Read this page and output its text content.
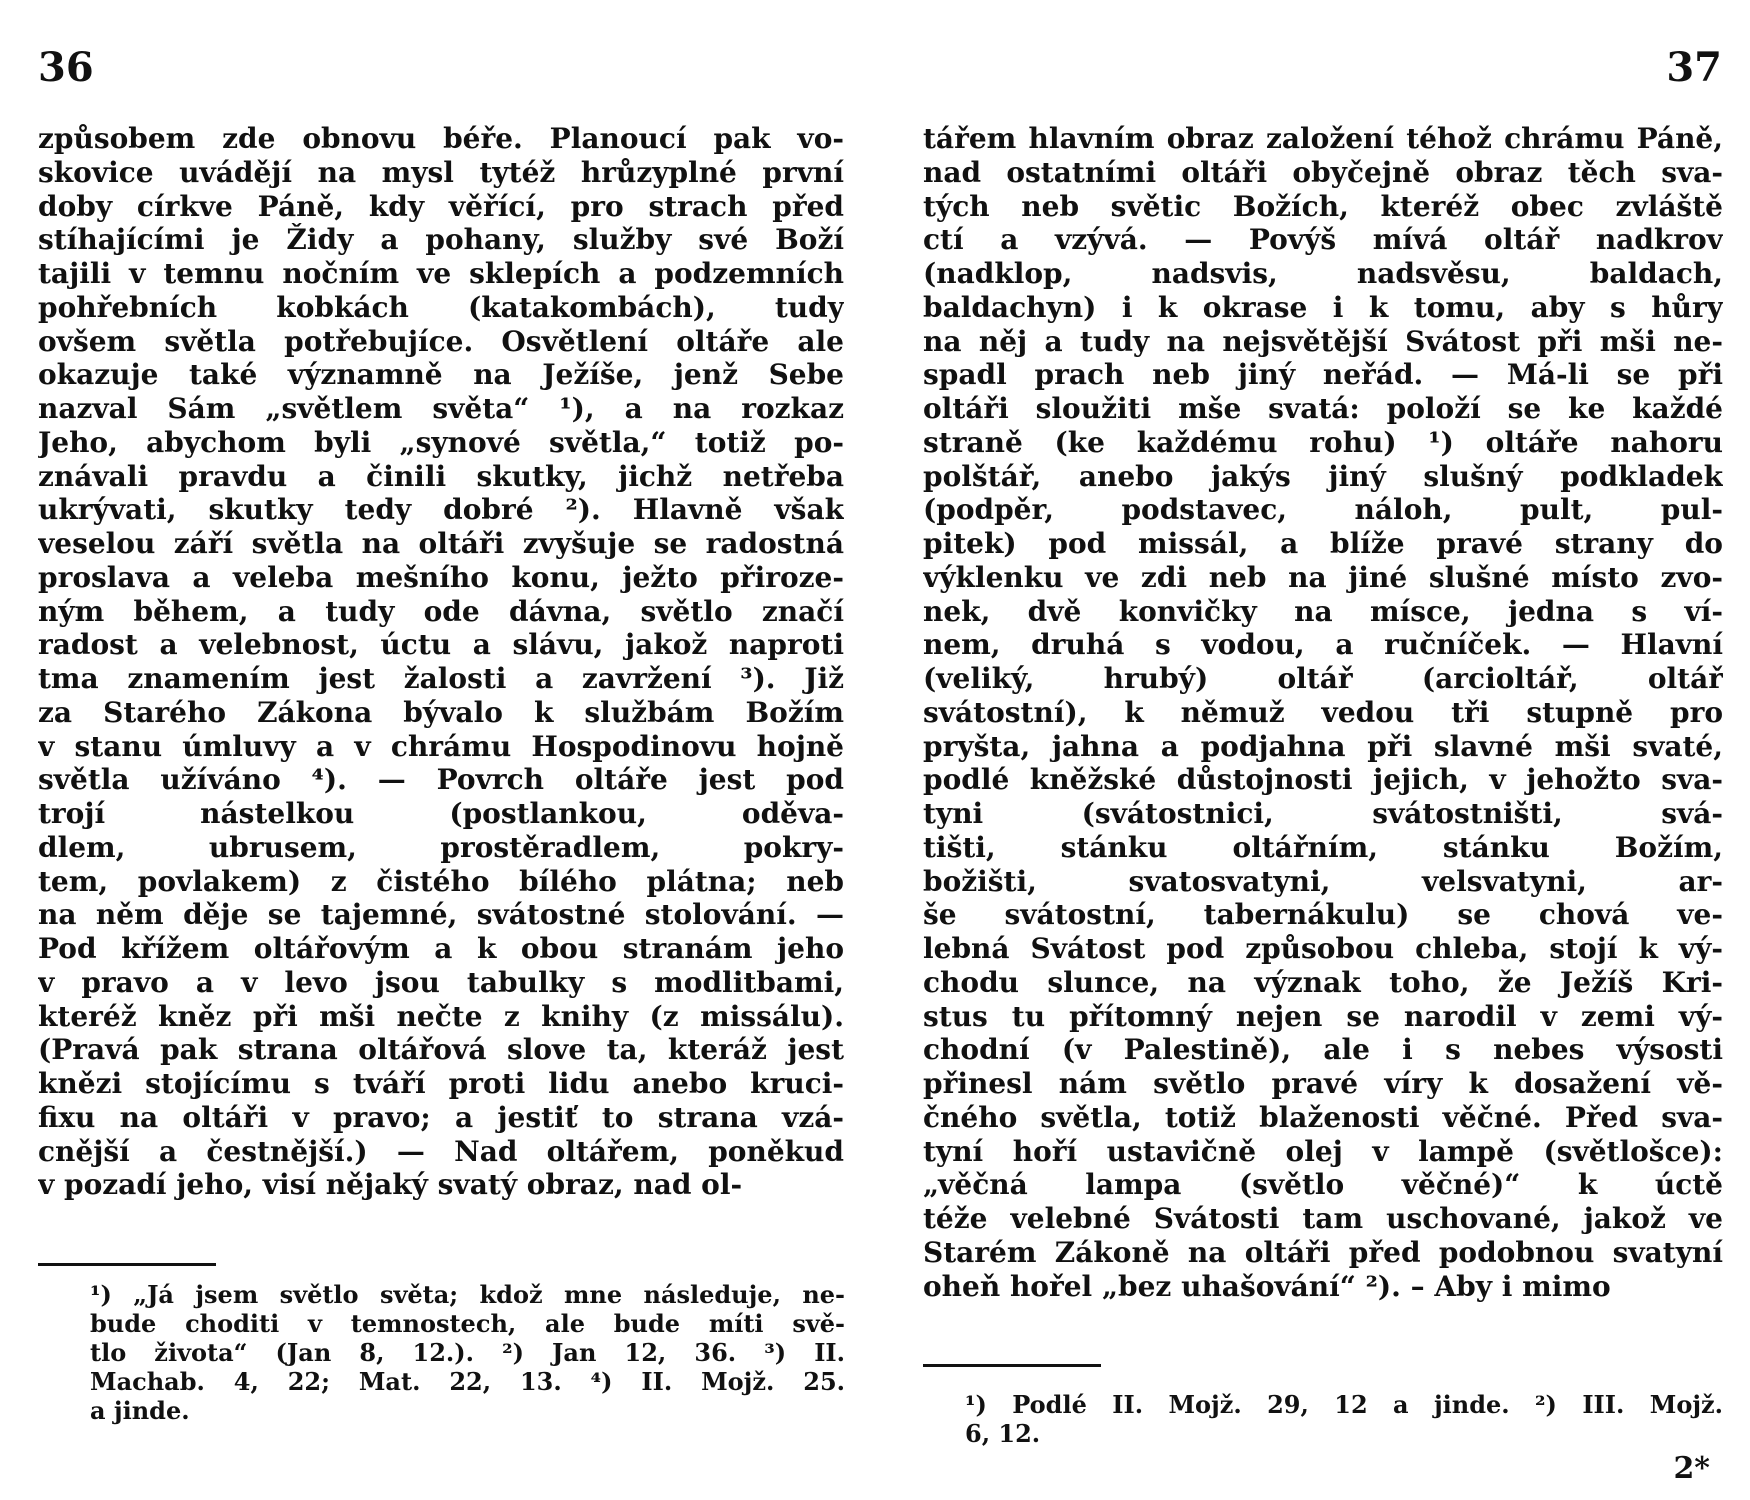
36
způsobem zde obnovu béře. Planoucí pak vo-
skovice uvádějí na mysl tytéž hrůzyplné první
doby církve Páně, kdy věřící, pro strach před
stíhajícími je Židy a pohany, služby své Boží
tajili v temnu nočním ve sklepích a podzemních
pohřebních kobkách (katakombách), tudy
ovšem světla potřebujíce. Osvětlení oltáře ale
okazuje také významně na Ježíše, jenž Sebe
nazval Sám „světlem světa“ ¹), a na rozkaz
Jeho, abychom byli „synové světla,“ totiž po-
znávali pravdu a činili skutky, jichž netřeba
ukrývati, skutky tedy dobré ²). Hlavně však
veselou září světla na oltáři zvyšuje se radostná
proslava a veleba mešního konu, ježto přiroze-
ným během, a tudy ode dávna, světlo značí
radost a velebnost, úctu a slávu, jakož naproti
tma znamením jest žalosti a zavržení ³). Již
za Starého Zákona bývalo k službám Božím
v stanu úmluvy a v chrámu Hospodinovu hojně
světla užíváno ⁴). — Povrch oltáře jest pod
trojí nástelkou (postlankou, oděva-
dlem, ubrusem, prostěradlem, pokry-
tem, povlakem) z čistého bílého plátna; neb
na něm děje se tajemné, svátostné stolování. —
Pod křížem oltářovým a k obou stranám jeho
v pravo a v levo jsou tabulky s modlitbami,
kteréž kněz při mši nečte z knihy (z missálu).
(Pravá pak strana oltářová slove ta, kteráž jest
knězi stojícímu s tváří proti lidu anebo kruci-
fixu na oltáři v pravo; a jestiť to strana vzá-
cnější a čestnější.) — Nad oltářem, poněkud
v pozadí jeho, visí nějaký svatý obraz, nad ol-
¹) „Já jsem světlo světa; kdož mne následuje, ne-
bude choditi v temnostech, ale bude míti svě-
tlo života“ (Jan 8, 12.). ²) Jan 12, 36. ³) II.
Machab. 4, 22; Mat. 22, 13. ⁴) II. Mojž. 25.
a jinde.
37
tářem hlavním obraz založení téhož chrámu Páně,
nad ostatními oltáři obyčejně obraz těch sva-
tých neb světic Božích, kteréž obec zvláště
ctí a vzývá. — Povýš mívá oltář nadkrov
(nadklop, nadsvis, nadsvěsu, baldach,
baldachyn) i k okrase i k tomu, aby s hůry
na něj a tudy na nejsvětější Svátost při mši ne-
spadl prach neb jiný neřád. — Má-li se při
oltáři sloužiti mše svatá: položí se ke každé
straně (ke každému rohu) ¹) oltáře nahoru
polštář, anebo jakýs jiný slušný podkladek
(podpěr, podstavec, náloh, pult, pul-
pitek) pod missál, a blíže pravé strany do
výklenku ve zdi neb na jiné slušné místo zvo-
nek, dvě konvičky na mísce, jedna s ví-
nem, druhá s vodou, a ručníček. — Hlavní
(veliký, hrubý) oltář (arcioltář, oltář
svátostní), k němuž vedou tři stupně pro
pryšta, jahna a podjahna při slavné mši svaté,
podlé kněžské důstojnosti jejich, v jehožto sva-
tyni (svátostnici, svátostništi, svá-
tišti, stánku oltářním, stánku Božím,
božišti, svatosvatyni, velsvatyni, ar-
še svátostní, tabernákulu) se chová ve-
lebná Svátost pod způsobou chleba, stojí k vý-
chodu slunce, na význak toho, že Ježíš Kri-
stus tu přítomný nejen se narodil v zemi vý-
chodní (v Palestině), ale i s nebes výsosti
přinesl nám světlo pravé víry k dosažení vě-
čného světla, totiž blaženosti věčné. Před sva-
tyní hoří ustavičně olej v lampě (světlošce):
„věčná lampa (světlo věčné)“ k úctě
téže velebné Svátosti tam uschované, jakož ve
Starém Zákoně na oltáři před podobnou svatyní
oheň hořel „bez uhašování“ ²). – Aby i mimo
¹) Podlé II. Mojž. 29, 12 a jinde. ²) III. Mojž.
6, 12.
2*
